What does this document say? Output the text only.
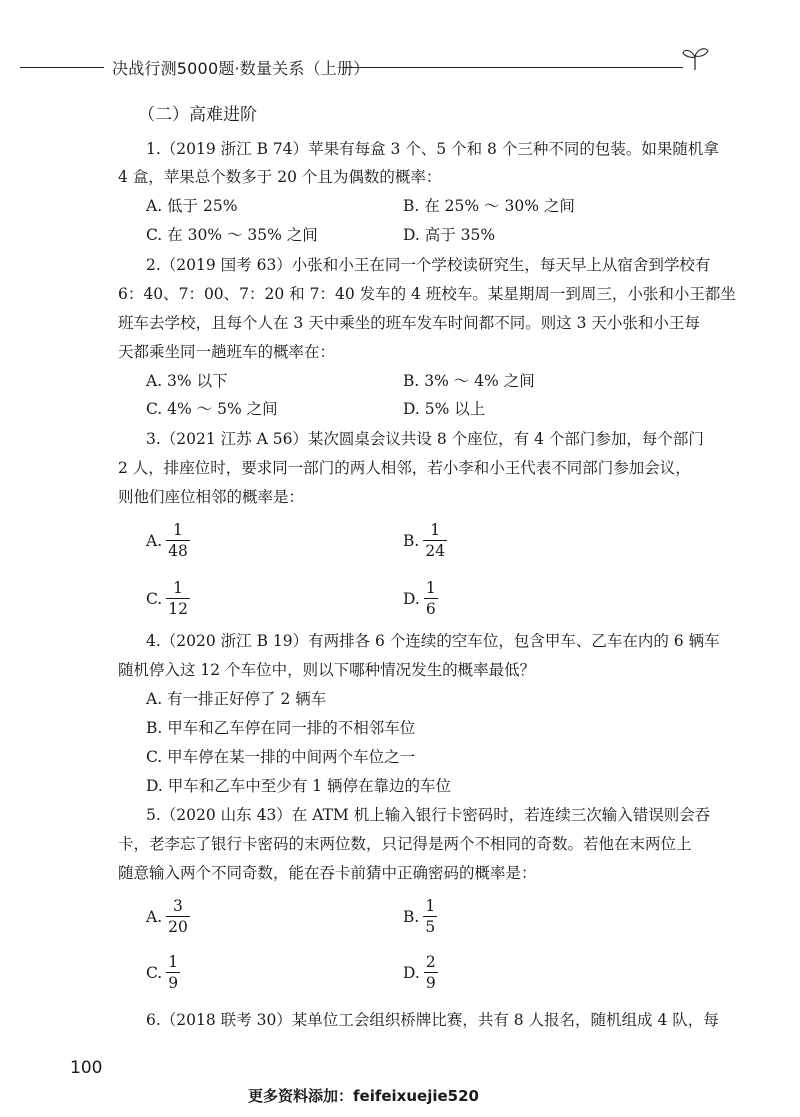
决战行测5000题·数量关系（上册）
（二）高难进阶
1.（2019 浙江 B 74）苹果有每盒 3 个、5 个和 8 个三种不同的包装。如果随机拿
4 盒，苹果总个数多于 20 个且为偶数的概率：
A. 低于 25%	B. 在 25% ～ 30% 之间
C. 在 30% ～ 35% 之间	D. 高于 35%
2.（2019 国考 63）小张和小王在同一个学校读研究生，每天早上从宿舍到学校有
6：40、7：00、7：20 和 7：40 发车的 4 班校车。某星期周一到周三，小张和小王都坐
班车去学校，且每个人在 3 天中乘坐的班车发车时间都不同。则这 3 天小张和小王每
天都乘坐同一趟班车的概率在：
A. 3% 以下	B. 3% ～ 4% 之间
C. 4% ～ 5% 之间	D. 5% 以上
3.（2021 江苏 A 56）某次圆桌会议共设 8 个座位，有 4 个部门参加，每个部门
2 人，排座位时，要求同一部门的两人相邻，若小李和小王代表不同部门参加会议，
则他们座位相邻的概率是：
A. $\frac{1}{48}$	B. $\frac{1}{24}$
C. $\frac{1}{12}$	D. $\frac{1}{6}$
4.（2020 浙江 B 19）有两排各 6 个连续的空车位，包含甲车、乙车在内的 6 辆车
随机停入这 12 个车位中，则以下哪种情况发生的概率最低？
A. 有一排正好停了 2 辆车
B. 甲车和乙车停在同一排的不相邻车位
C. 甲车停在某一排的中间两个车位之一
D. 甲车和乙车中至少有 1 辆停在靠边的车位
5.（2020 山东 43）在 ATM 机上输入银行卡密码时，若连续三次输入错误则会吞
卡，老李忘了银行卡密码的末两位数，只记得是两个不相同的奇数。若他在末两位上
随意输入两个不同奇数，能在吞卡前猜中正确密码的概率是：
A. $\frac{3}{20}$	B. $\frac{1}{5}$
C. $\frac{1}{9}$	D. $\frac{2}{9}$
6.（2018 联考 30）某单位工会组织桥牌比赛，共有 8 人报名，随机组成 4 队，每
100
更多资料添加：feifeixuejie520
